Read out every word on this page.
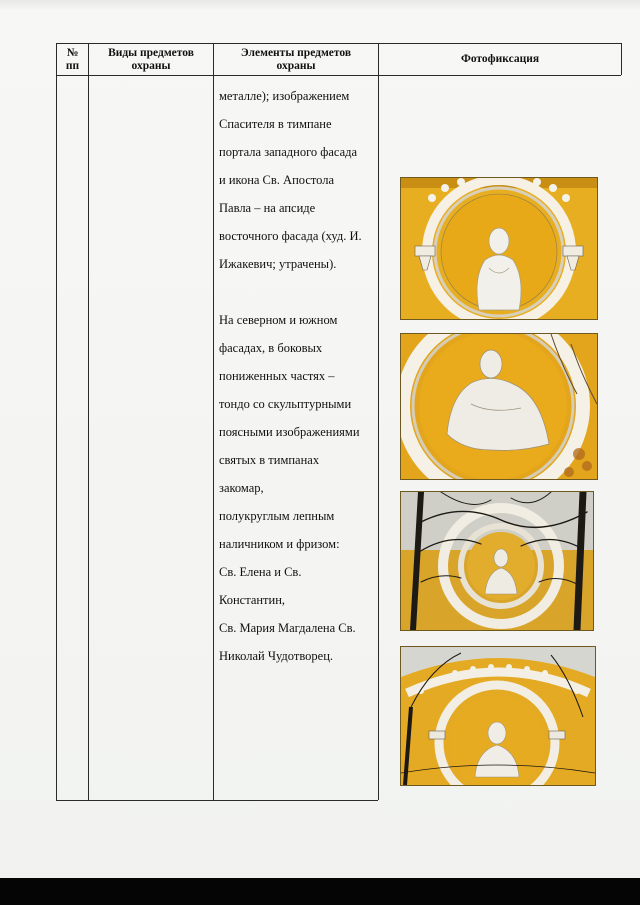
№
пп
Виды предметов
охраны
Элементы предметов
охраны
Фотофиксация

металле); изображением

Спасителя в тимпане

портала западного фасада

и икона Св. Апостола

Павла – на апсиде

восточного фасада (худ. И.

Ижакевич; утрачены).

На северном и южном

фасадах, в боковых

пониженных частях –

тондо со скульптурными

поясными изображениями

святых в тимпанах

закомар,

полукруглым лепным

наличником и фризом:

Св. Елена и Св.

Константин,

Св. Мария Магдалена Св.

Николай Чудотворец.
